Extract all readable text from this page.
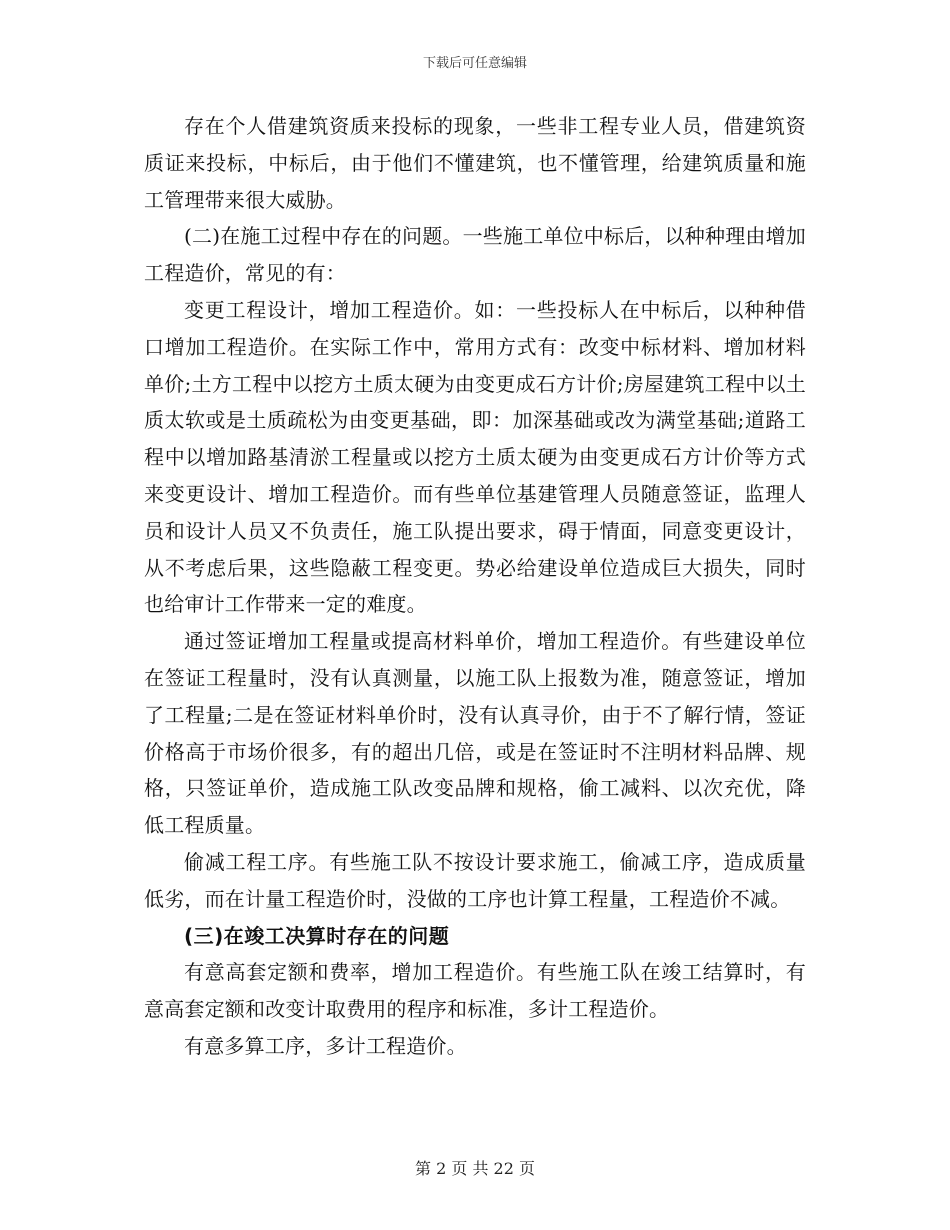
下载后可任意编辑

存在个人借建筑资质来投标的现象，一些非工程专业人员，借建筑资质证来投标，中标后，由于他们不懂建筑，也不懂管理，给建筑质量和施工管理带来很大威胁。

(二)在施工过程中存在的问题。一些施工单位中标后，以种种理由增加工程造价，常见的有：

变更工程设计，增加工程造价。如：一些投标人在中标后，以种种借口增加工程造价。在实际工作中，常用方式有：改变中标材料、增加材料单价;土方工程中以挖方土质太硬为由变更成石方计价;房屋建筑工程中以土质太软或是土质疏松为由变更基础，即：加深基础或改为满堂基础;道路工程中以增加路基清淤工程量或以挖方土质太硬为由变更成石方计价等方式来变更设计、增加工程造价。而有些单位基建管理人员随意签证，监理人员和设计人员又不负责任，施工队提出要求，碍于情面，同意变更设计，从不考虑后果，这些隐蔽工程变更。势必给建设单位造成巨大损失，同时也给审计工作带来一定的难度。

通过签证增加工程量或提高材料单价，增加工程造价。有些建设单位在签证工程量时，没有认真测量，以施工队上报数为准，随意签证，增加了工程量;二是在签证材料单价时，没有认真寻价，由于不了解行情，签证价格高于市场价很多，有的超出几倍，或是在签证时不注明材料品牌、规格，只签证单价，造成施工队改变品牌和规格，偷工减料、以次充优，降低工程质量。

偷减工程工序。有些施工队不按设计要求施工，偷减工序，造成质量低劣，而在计量工程造价时，没做的工序也计算工程量，工程造价不减。

(三)在竣工决算时存在的问题

有意高套定额和费率，增加工程造价。有些施工队在竣工结算时，有意高套定额和改变计取费用的程序和标准，多计工程造价。

有意多算工序，多计工程造价。

第 2 页 共 22 页
